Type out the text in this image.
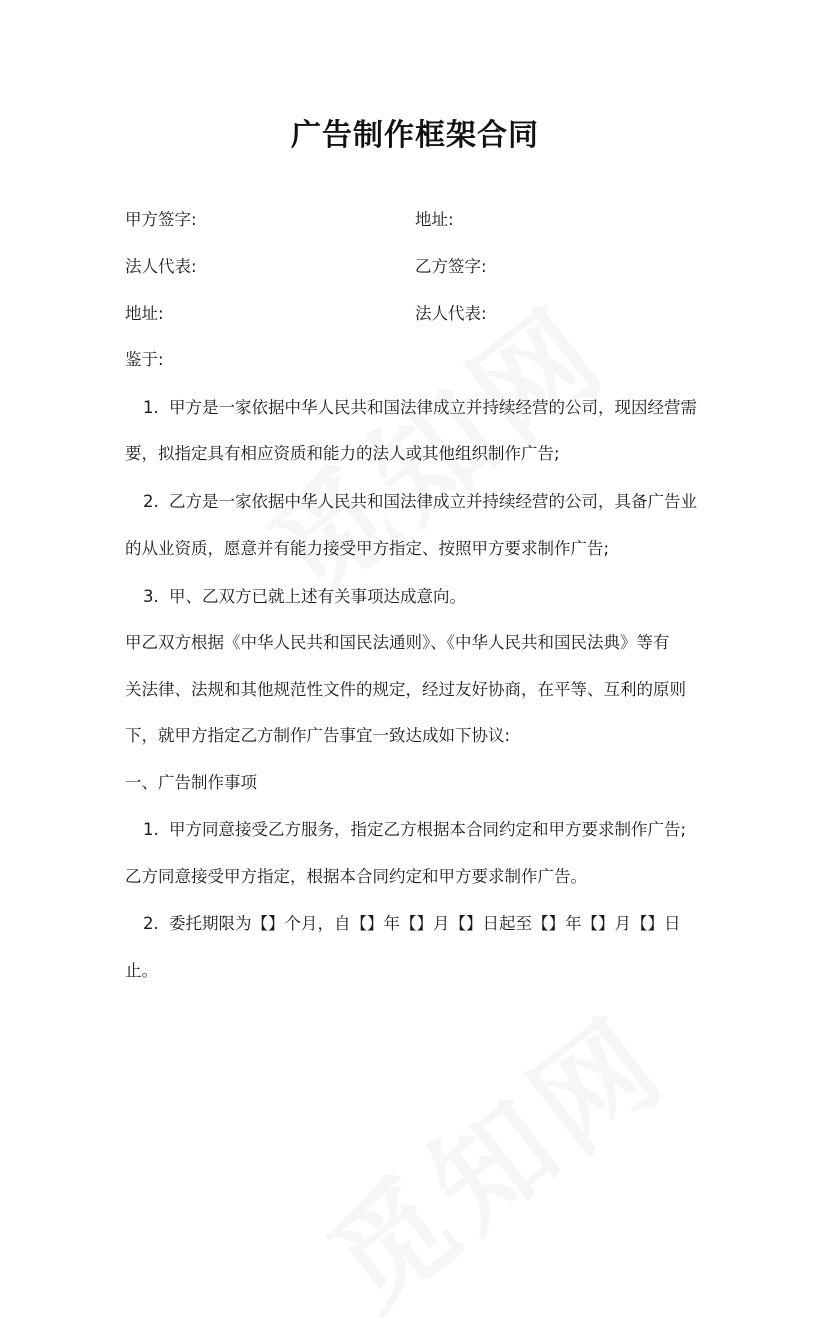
广告制作框架合同
甲方签字:	地址:
法人代表:	乙方签字:
地址:	法人代表:
鉴于:
1. 甲方是一家依据中华人民共和国法律成立并持续经营的公司，现因经营需
要，拟指定具有相应资质和能力的法人或其他组织制作广告;
2. 乙方是一家依据中华人民共和国法律成立并持续经营的公司，具备广告业
的从业资质，愿意并有能力接受甲方指定、按照甲方要求制作广告;
3. 甲、乙双方已就上述有关事项达成意向。
甲乙双方根据《中华人民共和国民法通则》、《中华人民共和国民法典》等有
关法律、法规和其他规范性文件的规定，经过友好协商，在平等、互利的原则
下，就甲方指定乙方制作广告事宜一致达成如下协议:
一、广告制作事项
1. 甲方同意接受乙方服务，指定乙方根据本合同约定和甲方要求制作广告;
乙方同意接受甲方指定，根据本合同约定和甲方要求制作广告。
2. 委托期限为【】个月，自【】年【】月【】日起至【】年【】月【】日
止。
